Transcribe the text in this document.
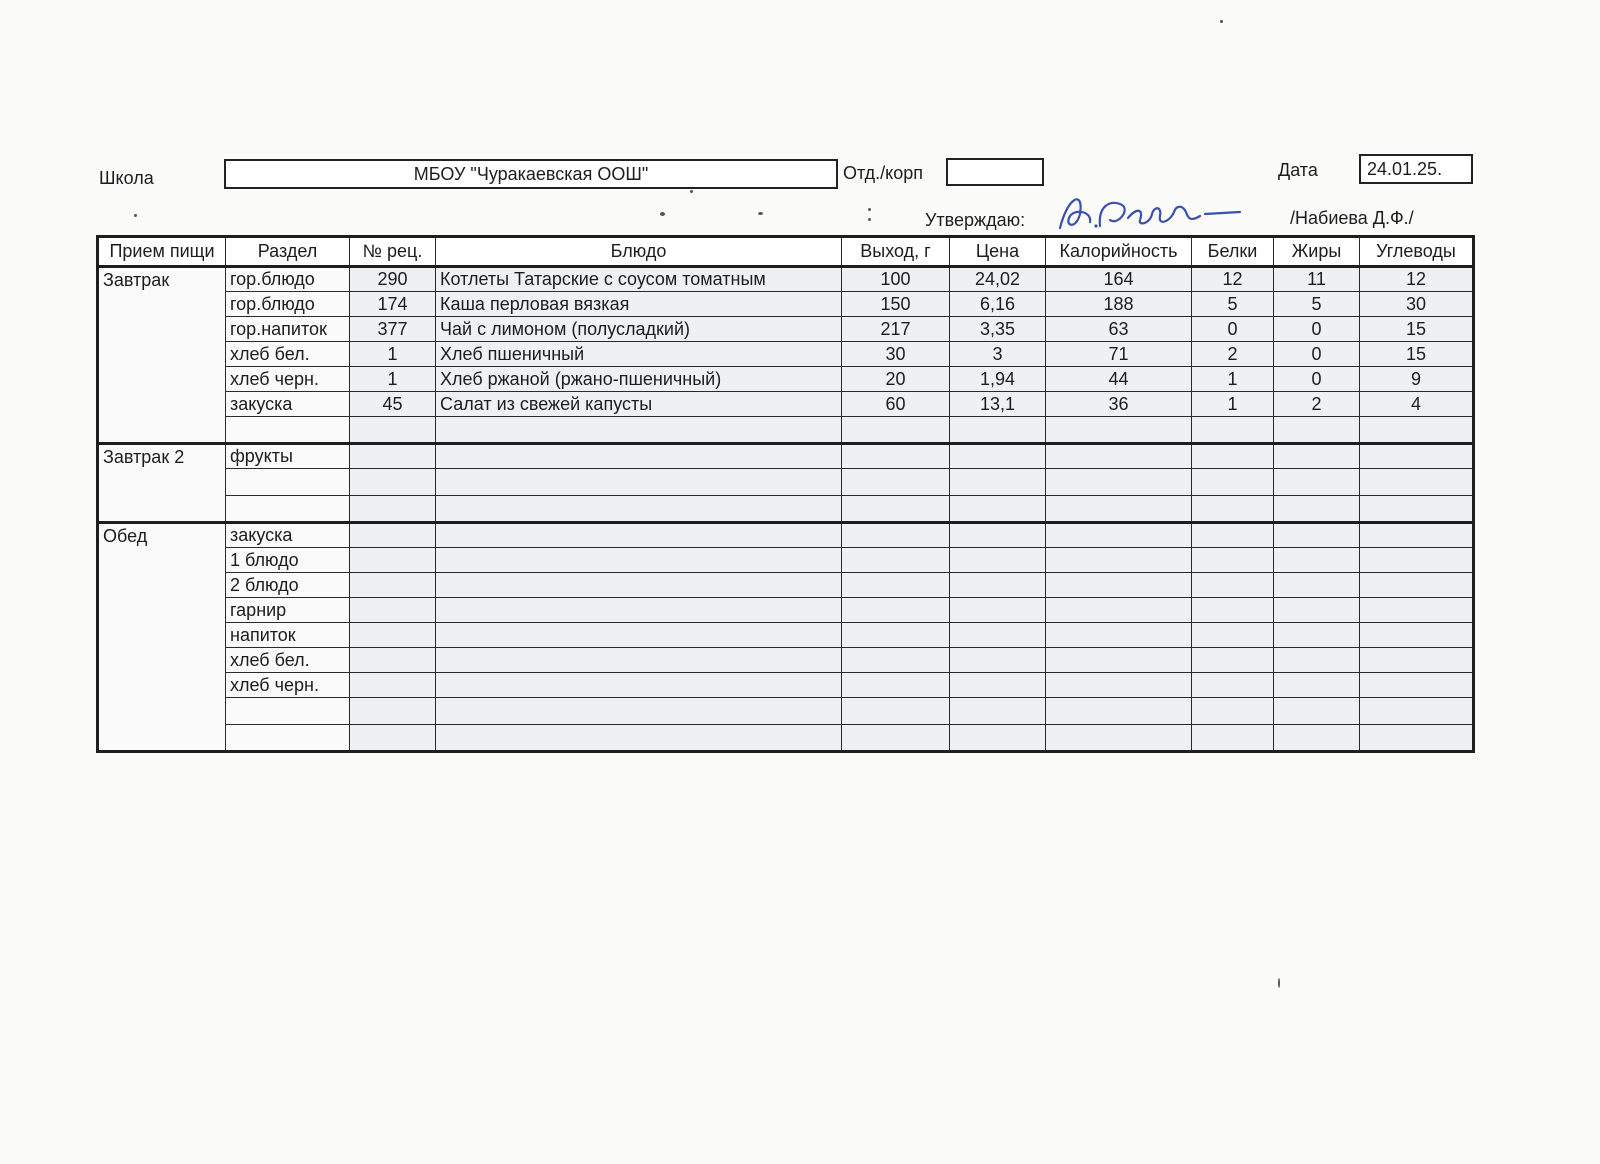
Школа	МБОУ "Чуракаевская ООШ"	Отд./корп	Дата	24.01.25.
Утверждаю:	/Набиева Д.Ф./
Прием пищи	Раздел	№ рец.	Блюдо	Выход, г	Цена	Калорийность	Белки	Жиры	Углеводы
Завтрак	гор.блюдо	290	Котлеты Татарские с соусом томатным	100	24,02	164	12	11	12
	гор.блюдо	174	Каша перловая вязкая	150	6,16	188	5	5	30
	гор.напиток	377	Чай с лимоном (полусладкий)	217	3,35	63	0	0	15
	хлеб бел.	1	Хлеб пшеничный	30	3	71	2	0	15
	хлеб черн.	1	Хлеб ржаной (ржано-пшеничный)	20	1,94	44	1	0	9
	закуска	45	Салат из свежей капусты	60	13,1	36	1	2	4

Завтрак 2	фрукты								

Обед	закуска								
	1 блюдо								
	2 блюдо								
	гарнир								
	напиток								
	хлеб бел.								
	хлеб черн.								
